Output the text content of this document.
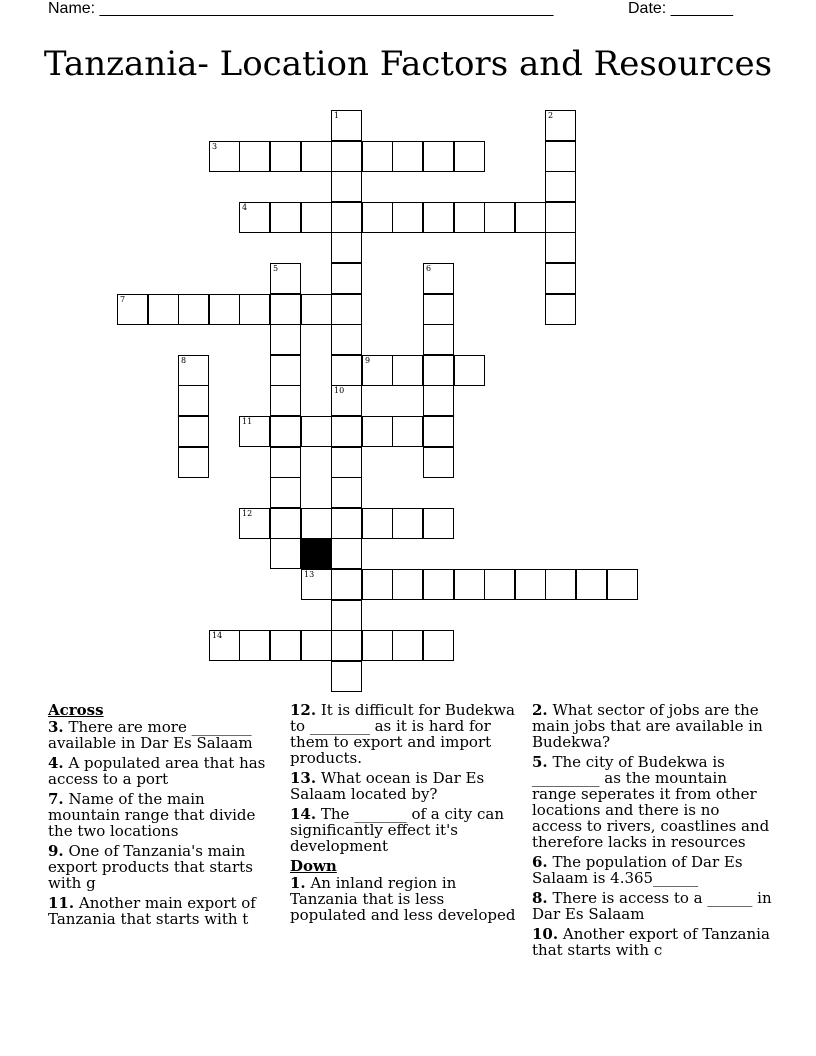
Name: ___________________________________________________	Date: _______
Tanzania- Location Factors and Resources
1	2
3
4
5	6
7
8	9
10
11
12
13
14
Across
3. There are more ________ available in Dar Es Salaam
4. A populated area that has access to a port
7. Name of the main mountain range that divide the two locations
9. One of Tanzania's main export products that starts with g
11. Another main export of Tanzania that starts with t
12. It is difficult for Budekwa to ________ as it is hard for them to export and import products.
13. What ocean is Dar Es Salaam located by?
14. The _______ of a city can significantly effect it's development
Down
1. An inland region in Tanzania that is less populated and less developed
2. What sector of jobs are the main jobs that are available in Budekwa?
5. The city of Budekwa is _________ as the mountain range seperates it from other locations and there is no access to rivers, coastlines and therefore lacks in resources
6. The population of Dar Es Salaam is 4.365______
8. There is access to a ______ in Dar Es Salaam
10. Another export of Tanzania that starts with c
